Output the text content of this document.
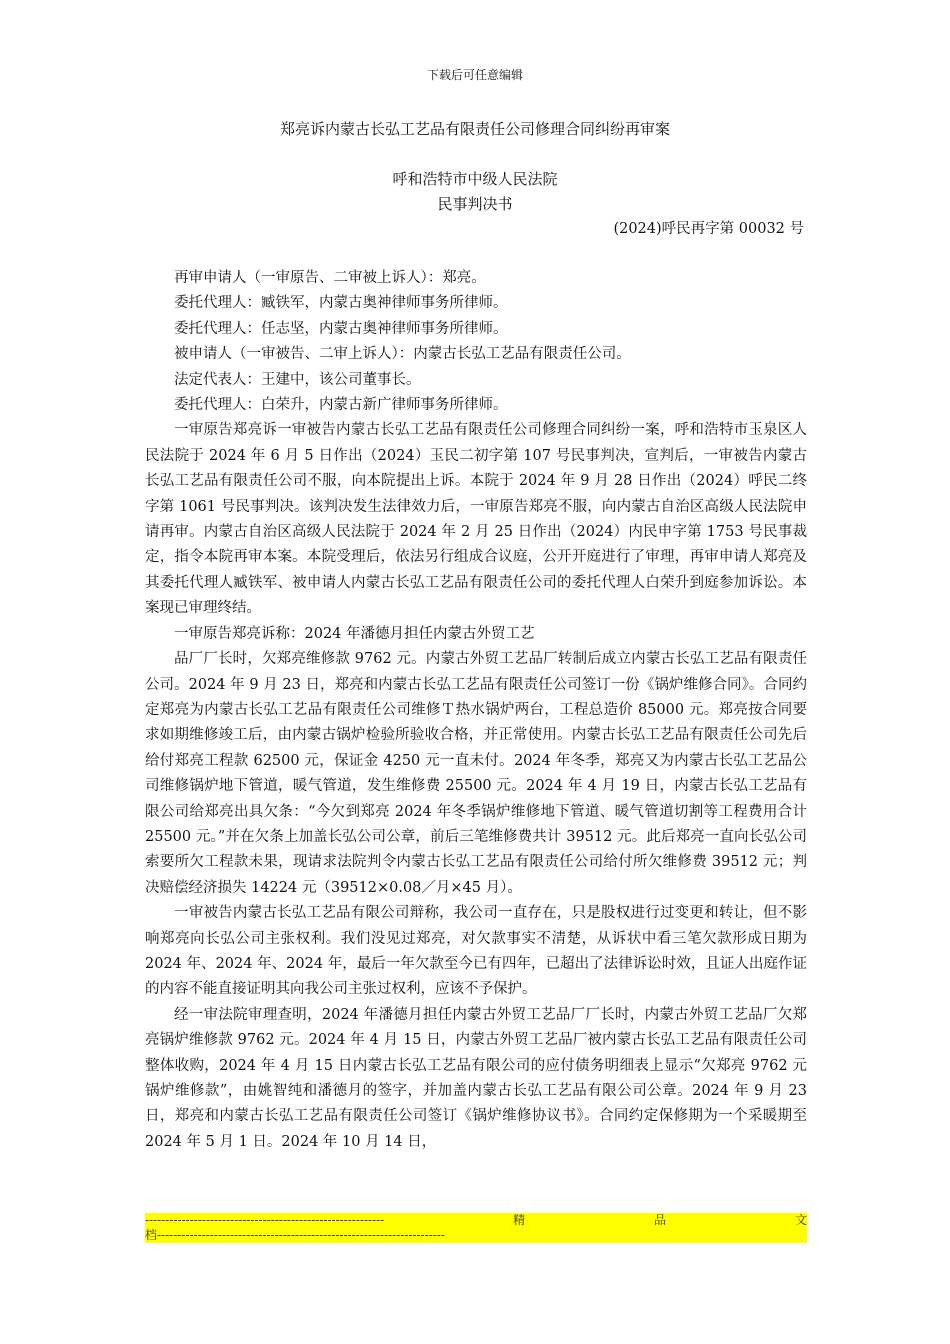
下载后可任意编辑
郑亮诉内蒙古长弘工艺品有限责任公司修理合同纠纷再审案
呼和浩特市中级人民法院
民事判决书
(2024)呼民再字第 00032 号

再审申请人（一审原告、二审被上诉人）：郑亮。

委托代理人：臧铁军，内蒙古奥神律师事务所律师。

委托代理人：任志坚，内蒙古奥神律师事务所律师。

被申请人（一审被告、二审上诉人）：内蒙古长弘工艺品有限责任公司。

法定代表人：王建中，该公司董事长。

委托代理人：白荣升，内蒙古新广律师事务所律师。

一审原告郑亮诉一审被告内蒙古长弘工艺品有限责任公司修理合同纠纷一案，呼和浩特市玉泉区人民法院于 2024 年 6 月 5 日作出（2024）玉民二初字第 107 号民事判决，宣判后，一审被告内蒙古长弘工艺品有限责任公司不服，向本院提出上诉。本院于 2024 年 9 月 28 日作出（2024）呼民二终字第 1061 号民事判决。该判决发生法律效力后，一审原告郑亮不服，向内蒙古自治区高级人民法院申请再审。内蒙古自治区高级人民法院于 2024 年 2 月 25 日作出（2024）内民申字第 1753 号民事裁定，指令本院再审本案。本院受理后，依法另行组成合议庭，公开开庭进行了审理，再审申请人郑亮及其委托代理人臧铁军、被申请人内蒙古长弘工艺品有限责任公司的委托代理人白荣升到庭参加诉讼。本案现已审理终结。

一审原告郑亮诉称：2024 年潘德月担任内蒙古外贸工艺

品厂厂长时，欠郑亮维修款 9762 元。内蒙古外贸工艺品厂转制后成立内蒙古长弘工艺品有限责任公司。2024 年 9 月 23 日，郑亮和内蒙古长弘工艺品有限责任公司签订一份《锅炉维修合同》。合同约定郑亮为内蒙古长弘工艺品有限责任公司维修Ｔ热水锅炉两台，工程总造价 85000 元。郑亮按合同要求如期维修竣工后，由内蒙古锅炉检验所验收合格，并正常使用。内蒙古长弘工艺品有限责任公司先后给付郑亮工程款 62500 元，保证金 4250 元一直未付。2024 年冬季，郑亮又为内蒙古长弘工艺品公司维修锅炉地下管道，暖气管道，发生维修费 25500 元。2024 年 4 月 19 日，内蒙古长弘工艺品有限公司给郑亮出具欠条：“今欠到郑亮 2024 年冬季锅炉维修地下管道、暖气管道切割等工程费用合计 25500 元。”并在欠条上加盖长弘公司公章，前后三笔维修费共计 39512 元。此后郑亮一直向长弘公司索要所欠工程款未果，现请求法院判令内蒙古长弘工艺品有限责任公司给付所欠维修费 39512 元；判决赔偿经济损失 14224 元（39512×0.08／月×45 月）。

一审被告内蒙古长弘工艺品有限公司辩称，我公司一直存在，只是股权进行过变更和转让，但不影响郑亮向长弘公司主张权利。我们没见过郑亮，对欠款事实不清楚，从诉状中看三笔欠款形成日期为 2024 年、2024 年、2024 年，最后一年欠款至今已有四年，已超出了法律诉讼时效，且证人出庭作证的内容不能直接证明其向我公司主张过权利，应该不予保护。

经一审法院审理查明，2024 年潘德月担任内蒙古外贸工艺品厂厂长时，内蒙古外贸工艺品厂欠郑亮锅炉维修款 9762 元。2024 年 4 月 15 日，内蒙古外贸工艺品厂被内蒙古长弘工艺品有限责任公司整体收购，2024 年 4 月 15 日内蒙古长弘工艺品有限公司的应付债务明细表上显示“欠郑亮 9762 元锅炉维修款”，由姚智纯和潘德月的签字，并加盖内蒙古长弘工艺品有限公司公章。2024 年 9 月 23 日，郑亮和内蒙古长弘工艺品有限责任公司签订《锅炉维修协议书》。合同约定保修期为一个采暖期至 2024 年 5 月 1 日。2024 年 10 月 14 日，

-----------------------------------------------------------	精	品	文
档-----------------------------------------------------------------------
